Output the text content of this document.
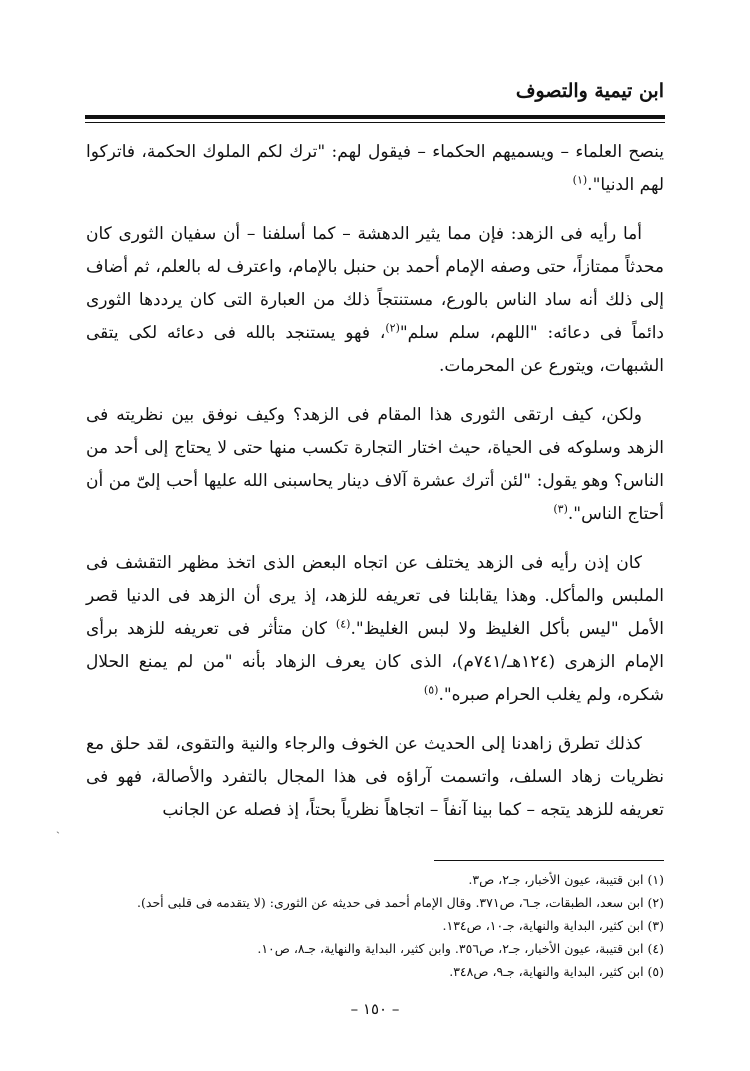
ابن تيمية والتصوف

ينصح العلماء – ويسميهم الحكماء – فيقول لهم: "ترك لكم الملوك الحكمة، فاتركوا لهم الدنيا".$^{(١)}$

أما رأيه فى الزهد: فإن مما يثير الدهشة – كما أسلفنا – أن سفيان الثورى كان محدثاً ممتازاً، حتى وصفه الإمام أحمد بن حنبل بالإمام، واعترف له بالعلم، ثم أضاف إلى ذلك أنه ساد الناس بالورع، مستنتجاً ذلك من العبارة التى كان يرددها الثورى دائماً فى دعائه: "اللهم، سلم سلم"$^{(٢)}$، فهو يستنجد بالله فى دعائه لكى يتقى الشبهات، ويتورع عن المحرمات.

ولكن، كيف ارتقى الثورى هذا المقام فى الزهد؟ وكيف نوفق بين نظريته فى الزهد وسلوكه فى الحياة، حيث اختار التجارة تكسب منها حتى لا يحتاج إلى أحد من الناس؟ وهو يقول: "لئن أترك عشرة آلاف دينار يحاسبنى الله عليها أحب إلىّ من أن أحتاج الناس".$^{(٣)}$

كان إذن رأيه فى الزهد يختلف عن اتجاه البعض الذى اتخذ مظهر التقشف فى الملبس والمأكل. وهذا يقابلنا فى تعريفه للزهد، إذ يرى أن الزهد فى الدنيا قصر الأمل "ليس بأكل الغليظ ولا لبس الغليظ".$^{(٤)}$ كان متأثر فى تعريفه للزهد برأى الإمام الزهرى (١٢٤هـ/٧٤١م)، الذى كان يعرف الزهاد بأنه "من لم يمنع الحلال شكره، ولم يغلب الحرام صبره".$^{(٥)}$

كذلك تطرق زاهدنا إلى الحديث عن الخوف والرجاء والنية والتقوى، لقد حلق مع نظريات زهاد السلف، واتسمت آراؤه فى هذا المجال بالتفرد والأصالة، فهو فى تعريفه للزهد يتجه – كما بينا آنفاً – اتجاهاً نظرياً بحتاً، إذ فصله عن الجانب

ˏ
(١) ابن قتيبة، عيون الأخبار، جـ٢، ص٣.
(٢) ابن سعد، الطبقات، جـ٦، ص٣٧١. وقال الإمام أحمد فى حديثه عن الثورى: (لا يتقدمه فى قلبى أحد).
(٣) ابن كثير، البداية والنهاية، جـ١٠، ص١٣٤.
(٤) ابن قتيبة، عيون الأخبار، جـ٢، ص٣٥٦. وابن كثير، البداية والنهاية، جـ٨، ص١٠.
(٥) ابن كثير، البداية والنهاية، جـ٩، ص٣٤٨.
– ١٥٠ –
